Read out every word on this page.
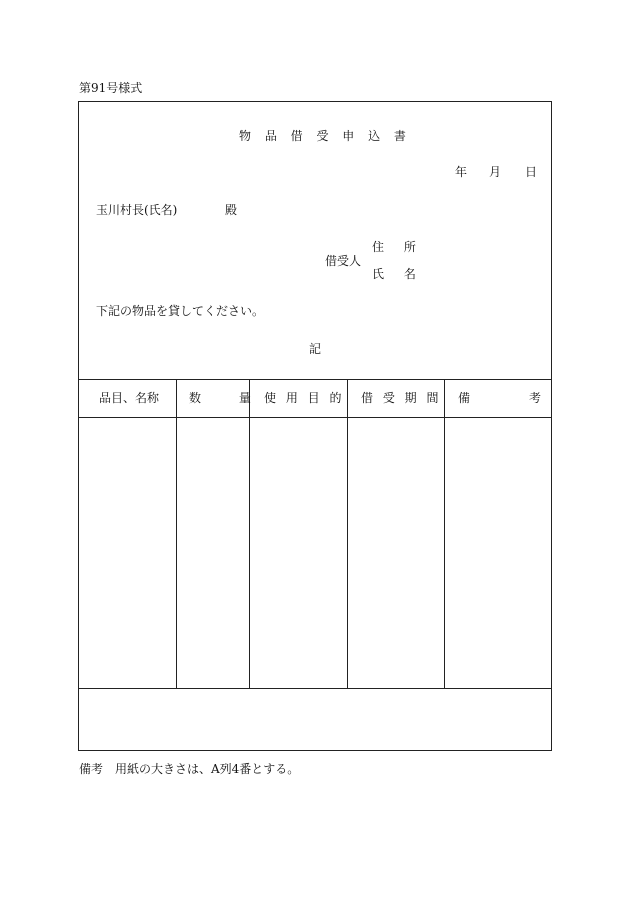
第91号様式
物 品 借 受 申 込 書
年 月 日
玉川村長(氏名)	殿
借受人
住 所
氏 名
下記の物品を貸してください。
記
品目、名称 数 量
使 用 目 的 借 受 期 間 備	考
備考　用紙の大きさは、A列4番とする。
